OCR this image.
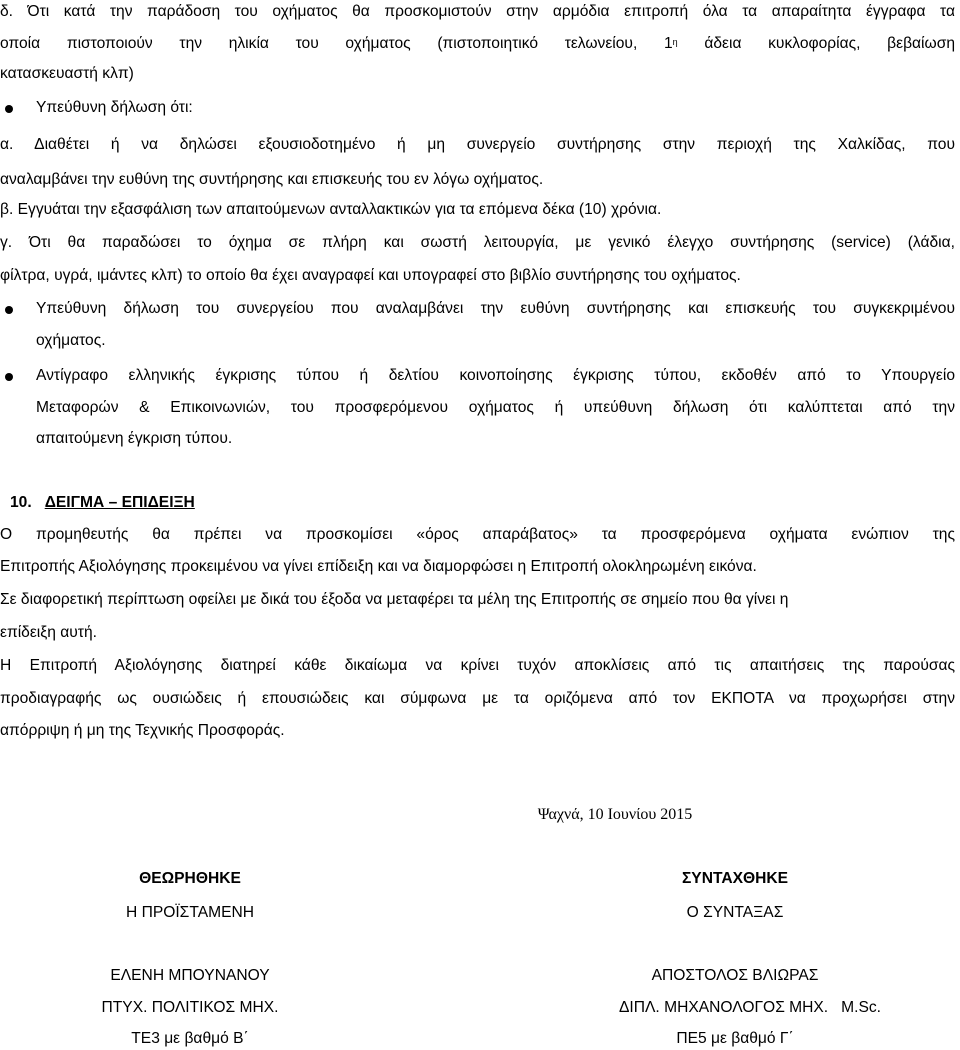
δ. Ότι κατά την παράδοση του οχήματος θα προσκομιστούν στην αρμόδια επιτροπή όλα τα απαραίτητα έγγραφα τα
οποία πιστοποιούν την ηλικία του οχήματος (πιστοποιητικό τελωνείου, $1^\eta$ άδεια κυκλοφορίας, βεβαίωση
κατασκευαστή κλπ)
Υπεύθυνη δήλωση ότι:
α. Διαθέτει ή να δηλώσει εξουσιοδοτημένο ή μη συνεργείο συντήρησης στην περιοχή της Χαλκίδας, που
αναλαμβάνει την ευθύνη της συντήρησης και επισκευής του εν λόγω οχήματος.
β. Εγγυάται την εξασφάλιση των απαιτούμενων ανταλλακτικών για τα επόμενα δέκα (10) χρόνια.
γ. Ότι θα παραδώσει το όχημα σε πλήρη και σωστή λειτουργία, με γενικό έλεγχο συντήρησης (service) (λάδια,
φίλτρα, υγρά, ιμάντες κλπ) το οποίο θα έχει αναγραφεί και υπογραφεί στο βιβλίο συντήρησης του οχήματος.
Υπεύθυνη δήλωση του συνεργείου που αναλαμβάνει την ευθύνη συντήρησης και επισκευής του συγκεκριμένου
οχήματος.
Αντίγραφο ελληνικής έγκρισης τύπου ή δελτίου κοινοποίησης έγκρισης τύπου, εκδοθέν από το Υπουργείο
Μεταφορών & Επικοινωνιών, του προσφερόμενου οχήματος ή υπεύθυνη δήλωση ότι καλύπτεται από την
απαιτούμενη έγκριση τύπου.
10. ΔΕΙΓΜΑ – ΕΠΙΔΕΙΞΗ
Ο προμηθευτής θα πρέπει να προσκομίσει «όρος απαράβατος» τα προσφερόμενα οχήματα ενώπιον της
Επιτροπής Αξιολόγησης προκειμένου να γίνει επίδειξη και να διαμορφώσει η Επιτροπή ολοκληρωμένη εικόνα.
Σε διαφορετική περίπτωση οφείλει με δικά του έξοδα να μεταφέρει τα μέλη της Επιτροπής σε σημείο που θα γίνει η
επίδειξη αυτή.
Η Επιτροπή Αξιολόγησης διατηρεί κάθε δικαίωμα να κρίνει τυχόν αποκλίσεις από τις απαιτήσεις της παρούσας
προδιαγραφής ως ουσιώδεις ή επουσιώδεις και σύμφωνα με τα οριζόμενα από τον ΕΚΠΟΤΑ να προχωρήσει στην
απόρριψη ή μη της Τεχνικής Προσφοράς.
Ψαχνά, 10 Ιουνίου 2015
ΘΕΩΡΗΘΗΚΕ
Η ΠΡΟΪΣΤΑΜΕΝΗ
ΕΛΕΝΗ ΜΠΟΥΝΑΝΟΥ
ΠΤΥΧ. ΠΟΛΙΤΙΚΟΣ ΜΗΧ.
ΤΕ3 με βαθμό Β΄
ΣΥΝΤΑΧΘΗΚΕ
Ο ΣΥΝΤΑΞΑΣ
ΑΠΟΣΤΟΛΟΣ ΒΛΙΩΡΑΣ
ΔΙΠΛ. ΜΗΧΑΝΟΛΟΓΟΣ ΜΗΧ.   M.Sc.
ΠΕ5 με βαθμό Γ΄
